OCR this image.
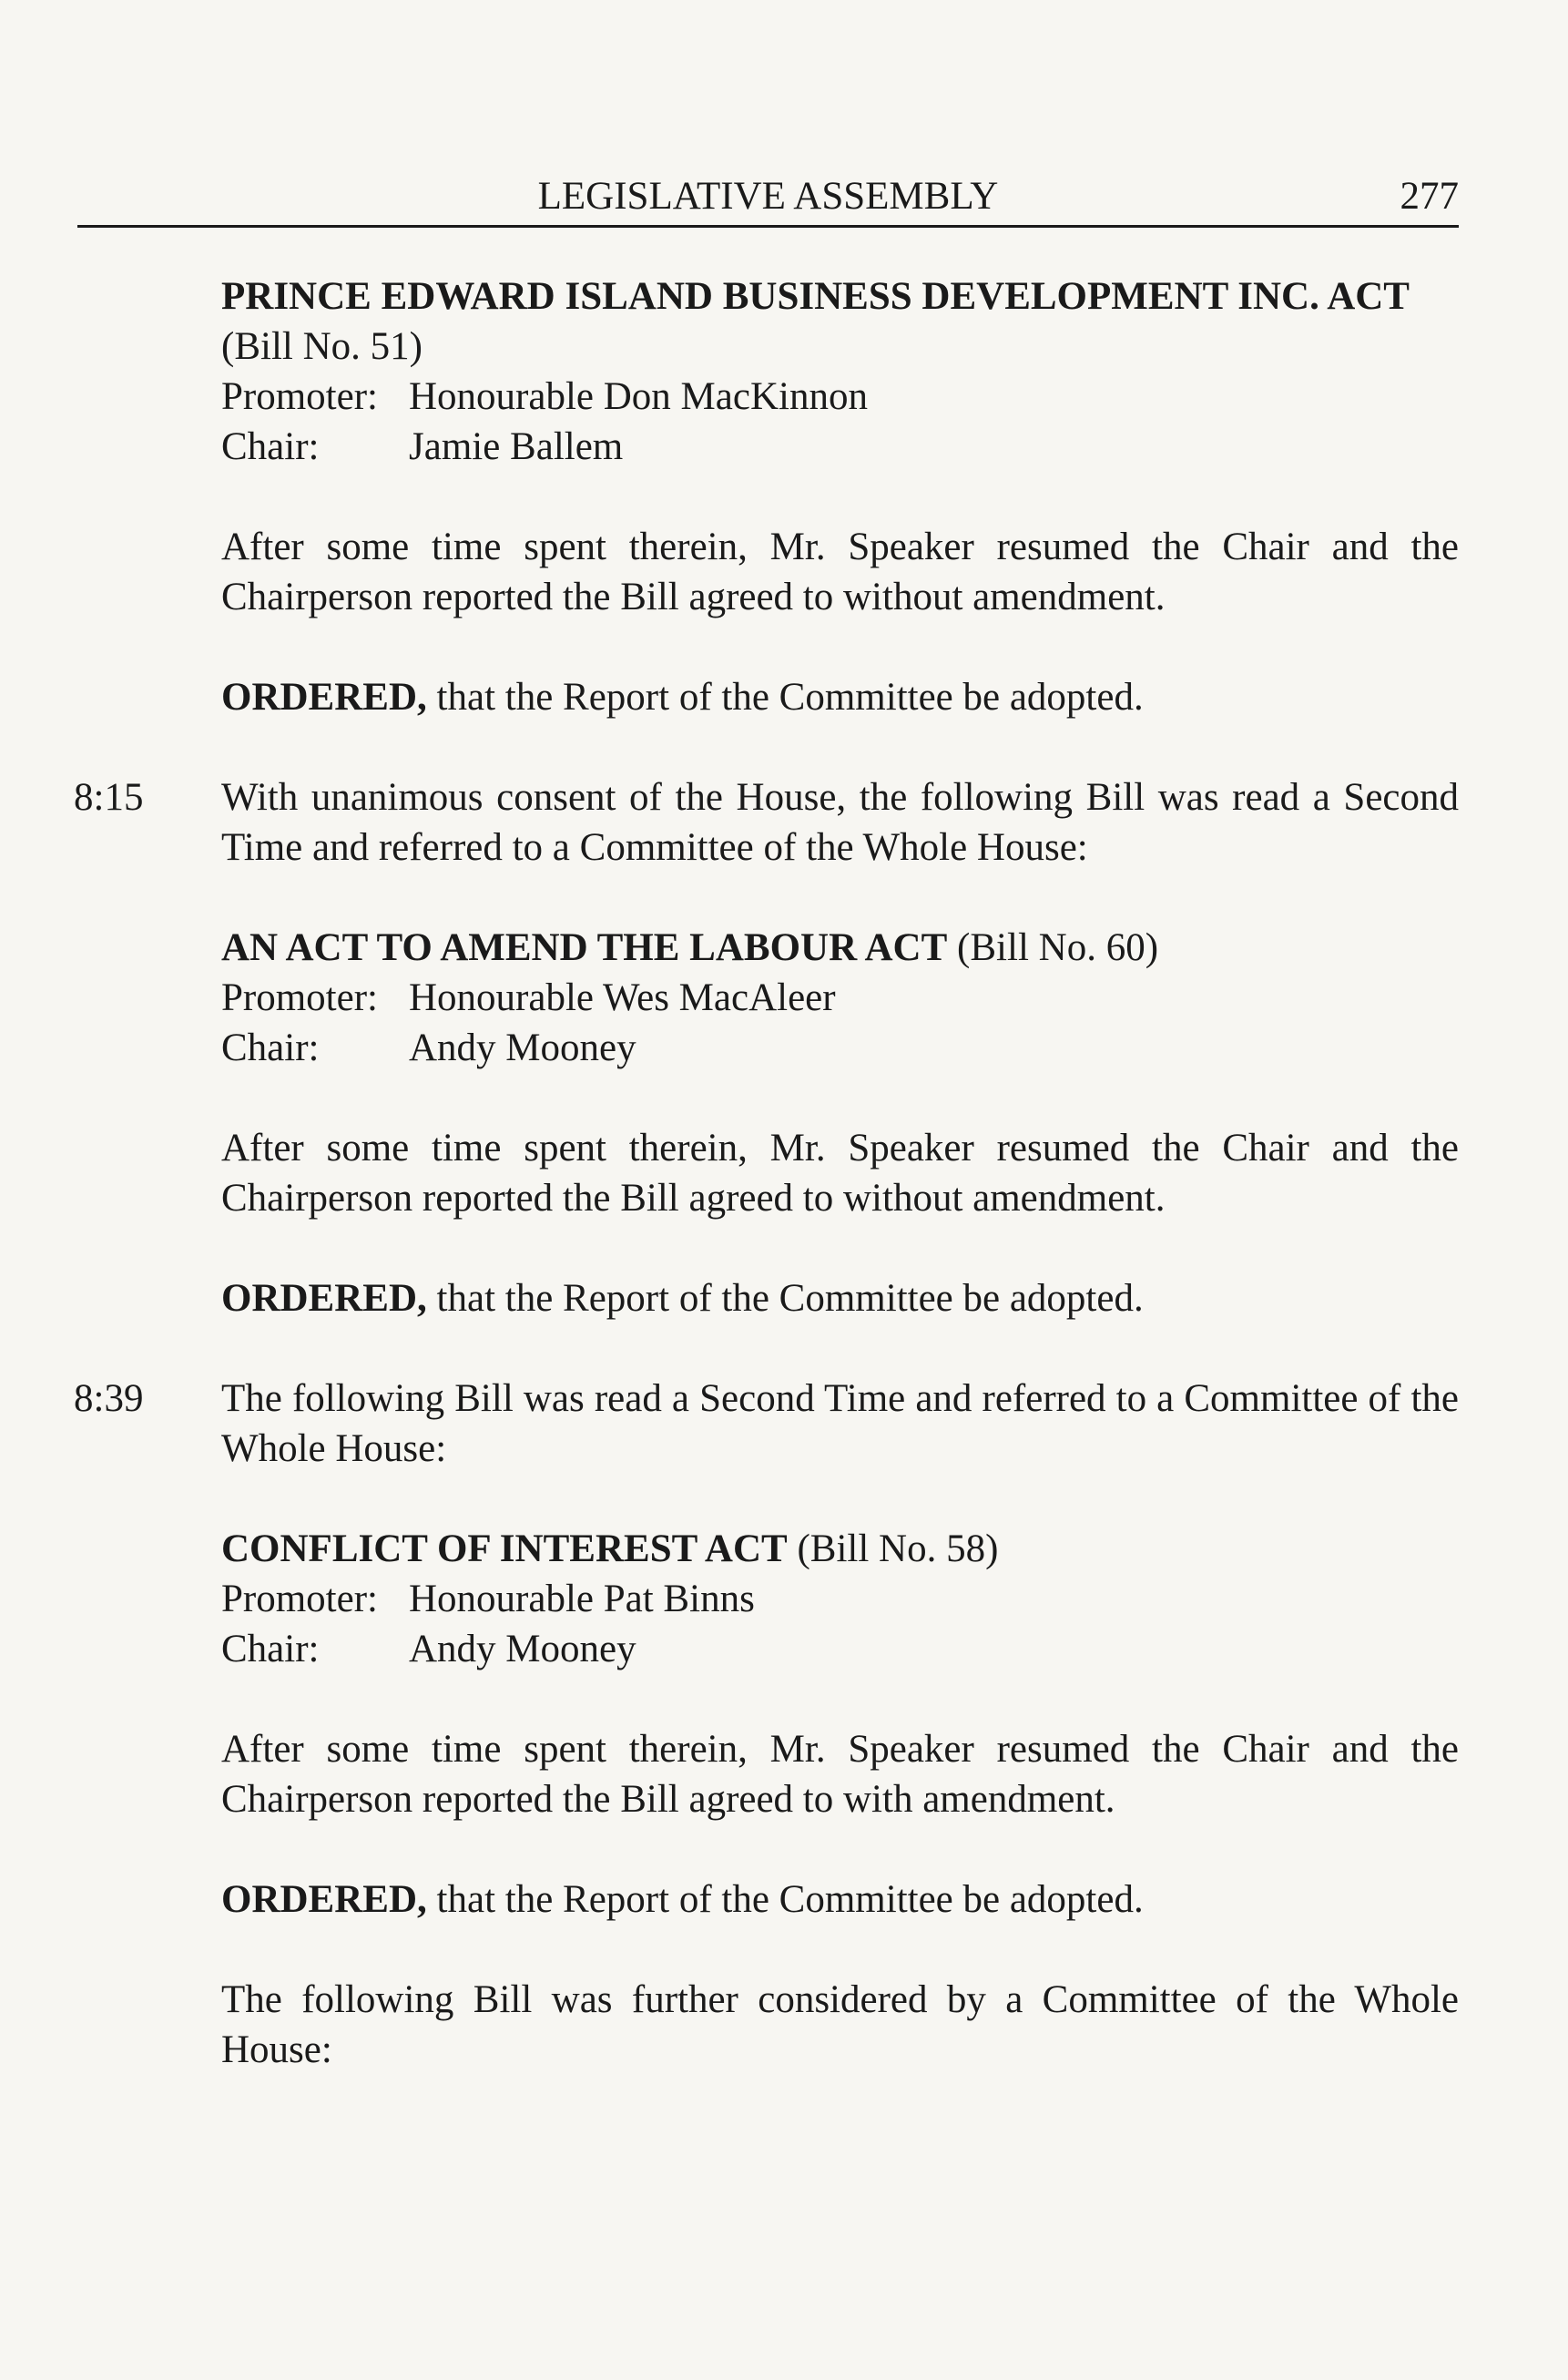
LEGISLATIVE ASSEMBLY	277
PRINCE EDWARD ISLAND BUSINESS DEVELOPMENT INC. ACT
(Bill No. 51)
Promoter: Honourable Don MacKinnon
Chair: Jamie Ballem
After some time spent therein, Mr. Speaker resumed the Chair and the Chairperson reported the Bill agreed to without amendment.
ORDERED, that the Report of the Committee be adopted.
8:15 With unanimous consent of the House, the following Bill was read a Second Time and referred to a Committee of the Whole House:
AN ACT TO AMEND THE LABOUR ACT (Bill No. 60)
Promoter: Honourable Wes MacAleer
Chair: Andy Mooney
After some time spent therein, Mr. Speaker resumed the Chair and the Chairperson reported the Bill agreed to without amendment.
ORDERED, that the Report of the Committee be adopted.
8:39 The following Bill was read a Second Time and referred to a Committee of the Whole House:
CONFLICT OF INTEREST ACT (Bill No. 58)
Promoter: Honourable Pat Binns
Chair: Andy Mooney
After some time spent therein, Mr. Speaker resumed the Chair and the Chairperson reported the Bill agreed to with amendment.
ORDERED, that the Report of the Committee be adopted.
The following Bill was further considered by a Committee of the Whole House:
